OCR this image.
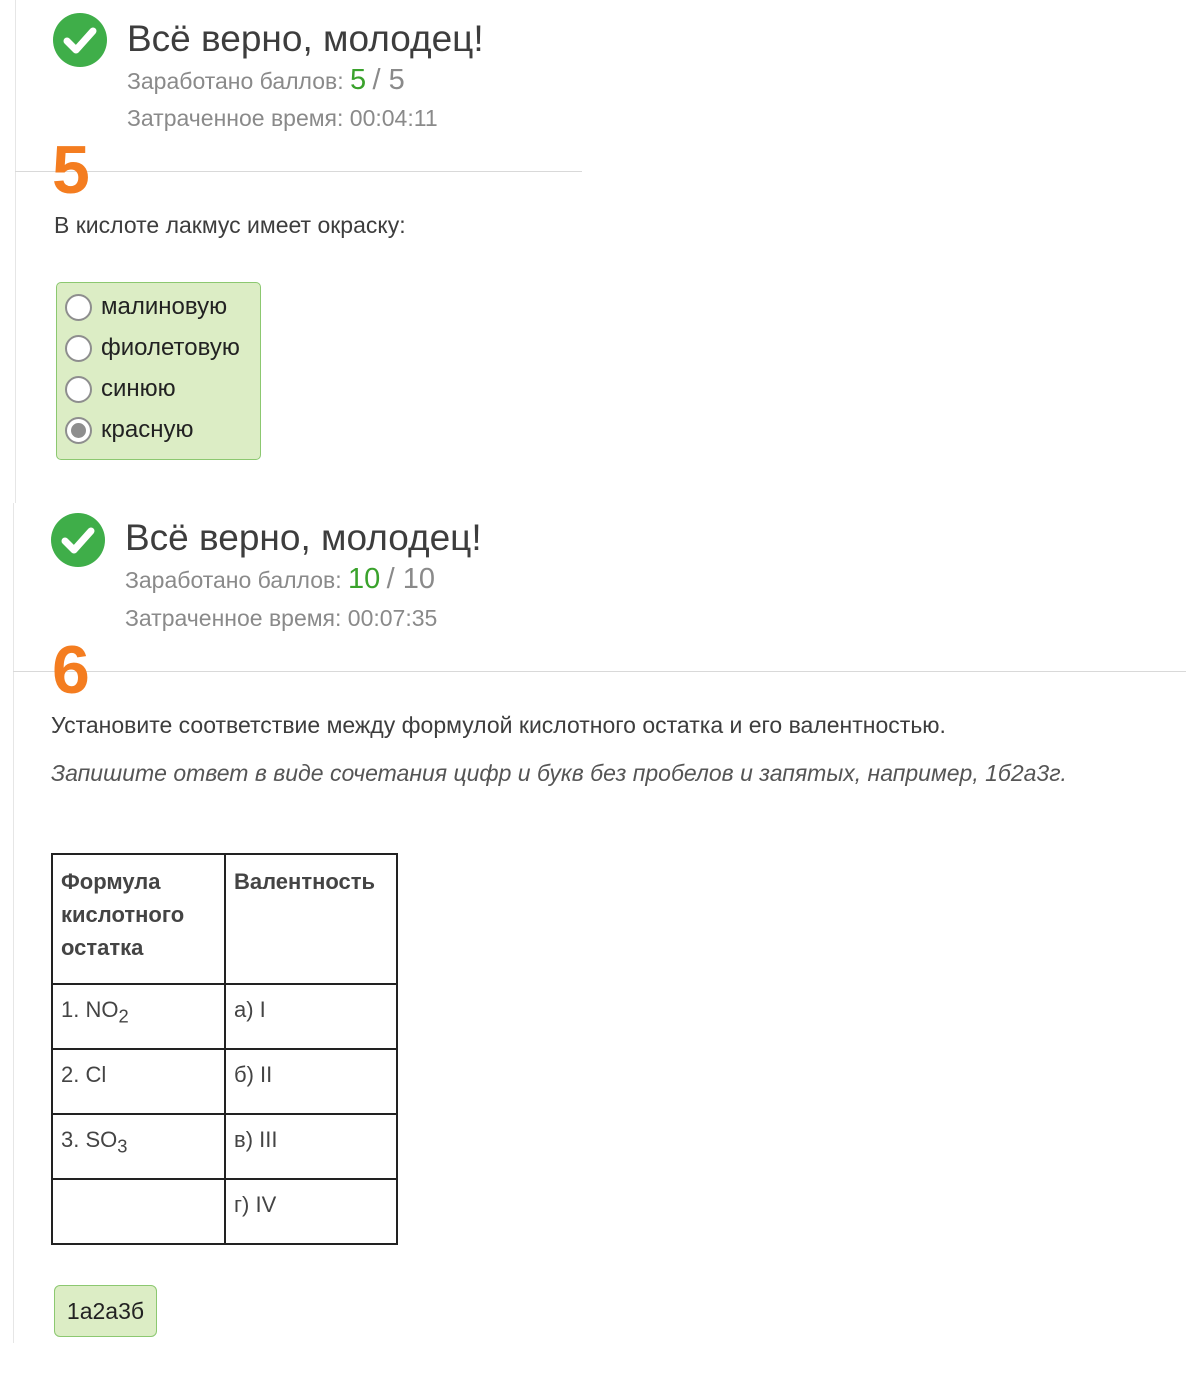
Всё верно, молодец!
Заработано баллов: 5 / 5
Затраченное время: 00:04:11
5
В кислоте лакмус имеет окраску:
малиновую
фиолетовую
синюю
красную
Всё верно, молодец!
Заработано баллов: 10 / 10
Затраченное время: 00:07:35
6
Установите соответствие между формулой кислотного остатка и его валентностью.
Запишите ответ в виде сочетания цифр и букв без пробелов и запятых, например, 1б2а3г.
Формула кислотного остатка	Валентность
1. $NO_2$	а) I
2. Cl	б) II
3. $SO_3$	в) III
	г) IV
1а2а3б
